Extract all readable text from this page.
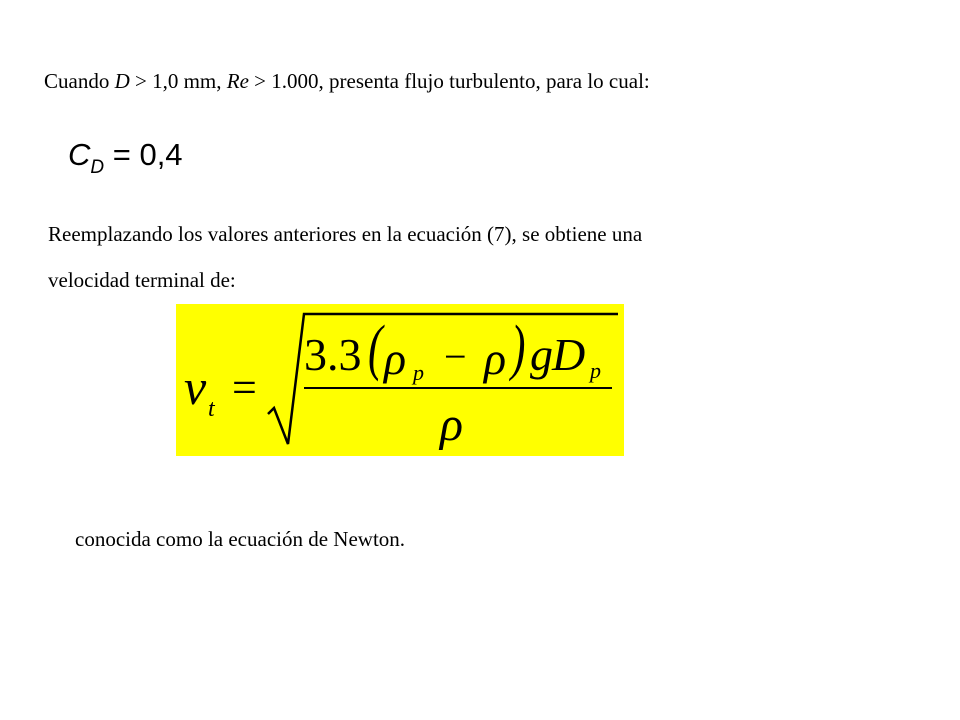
Cuando D > 1,0 mm, Re > 1.000, presenta flujo turbulento, para lo cual:
$C_D = 0,4$
Reemplazando los valores anteriores en la ecuación (7), se obtiene una
velocidad terminal de:
v t =
3.3 ( ρ p − ρ ) g D p
ρ
conocida como la ecuación de Newton.
